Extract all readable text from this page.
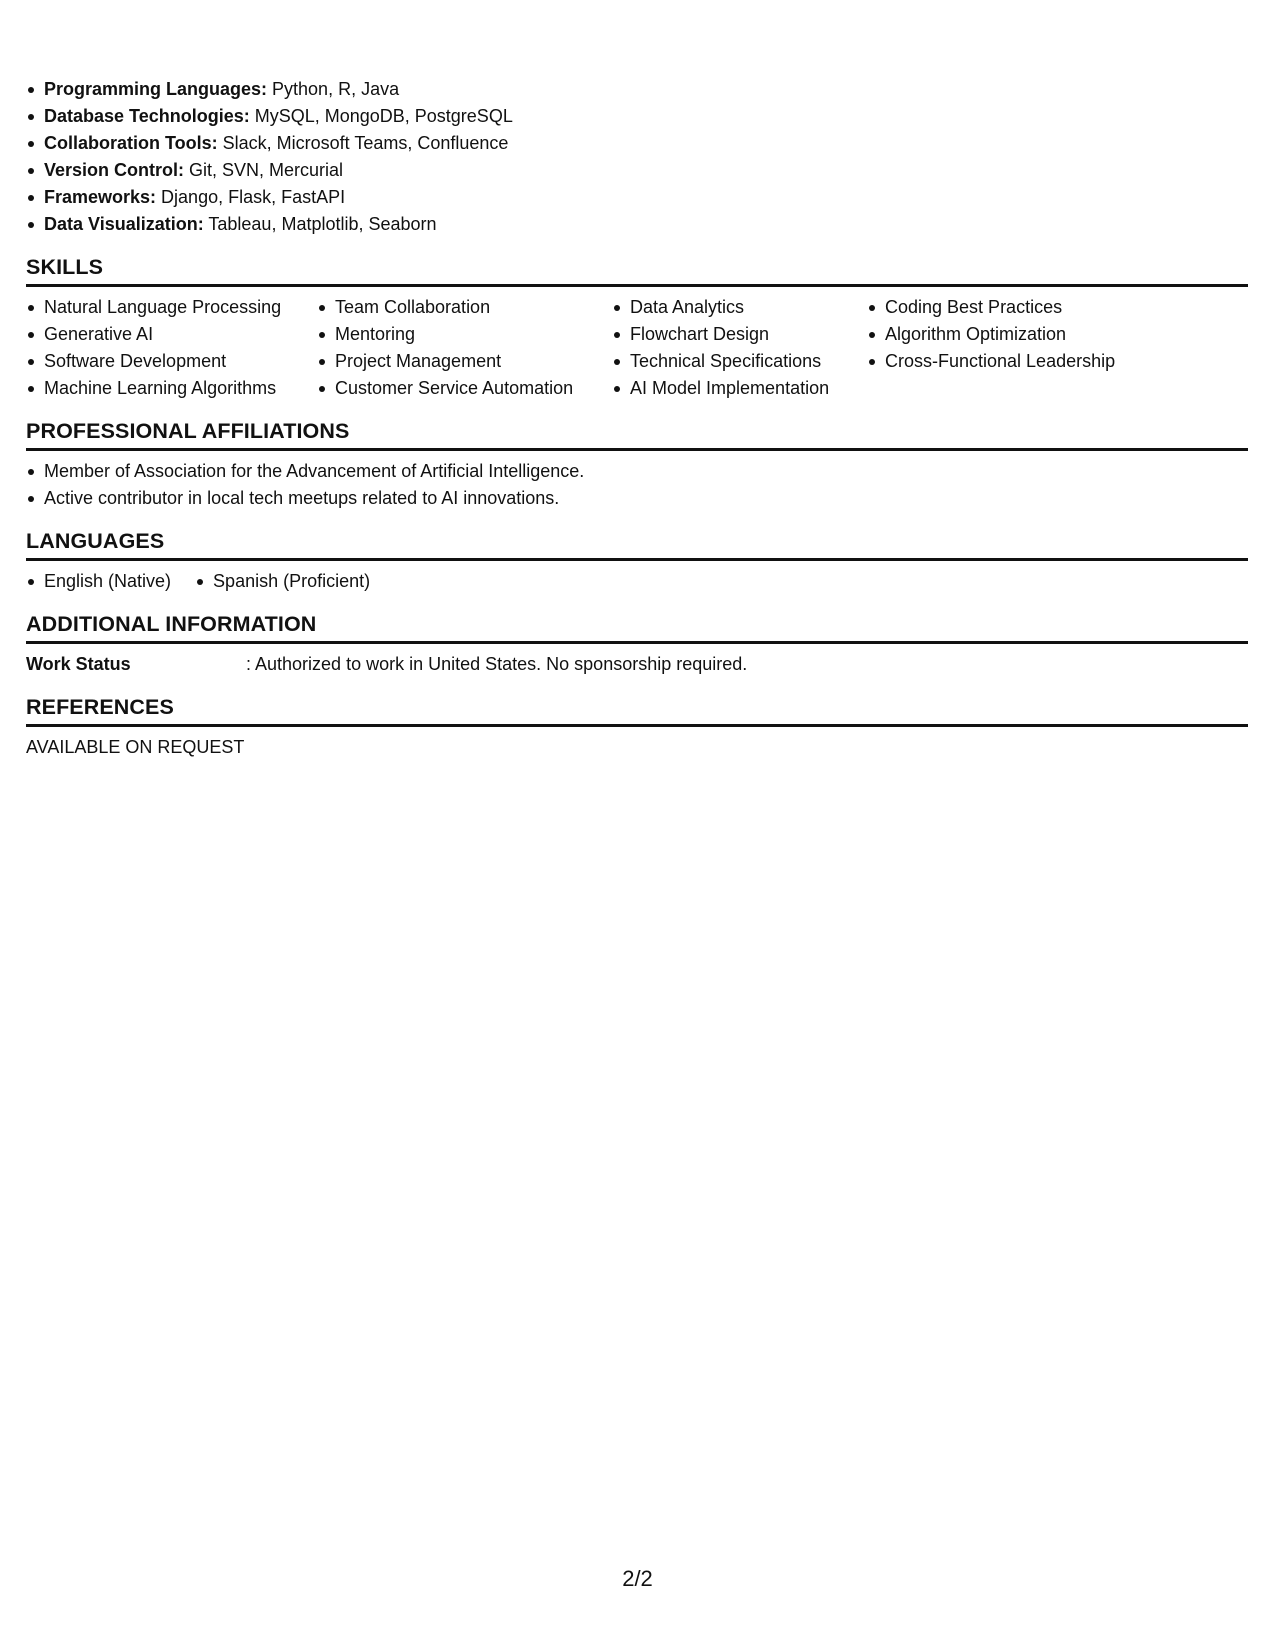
Programming Languages: Python, R, Java
Database Technologies: MySQL, MongoDB, PostgreSQL
Collaboration Tools: Slack, Microsoft Teams, Confluence
Version Control: Git, SVN, Mercurial
Frameworks: Django, Flask, FastAPI
Data Visualization: Tableau, Matplotlib, Seaborn
SKILLS
Natural Language Processing
Generative AI
Software Development
Machine Learning Algorithms
Team Collaboration
Mentoring
Project Management
Customer Service Automation
Data Analytics
Flowchart Design
Technical Specifications
AI Model Implementation
Coding Best Practices
Algorithm Optimization
Cross-Functional Leadership
PROFESSIONAL AFFILIATIONS
Member of Association for the Advancement of Artificial Intelligence.
Active contributor in local tech meetups related to AI innovations.
LANGUAGES
English (Native)	Spanish (Proficient)
ADDITIONAL INFORMATION
Work Status	: Authorized to work in United States. No sponsorship required.
REFERENCES
AVAILABLE ON REQUEST
2/2
